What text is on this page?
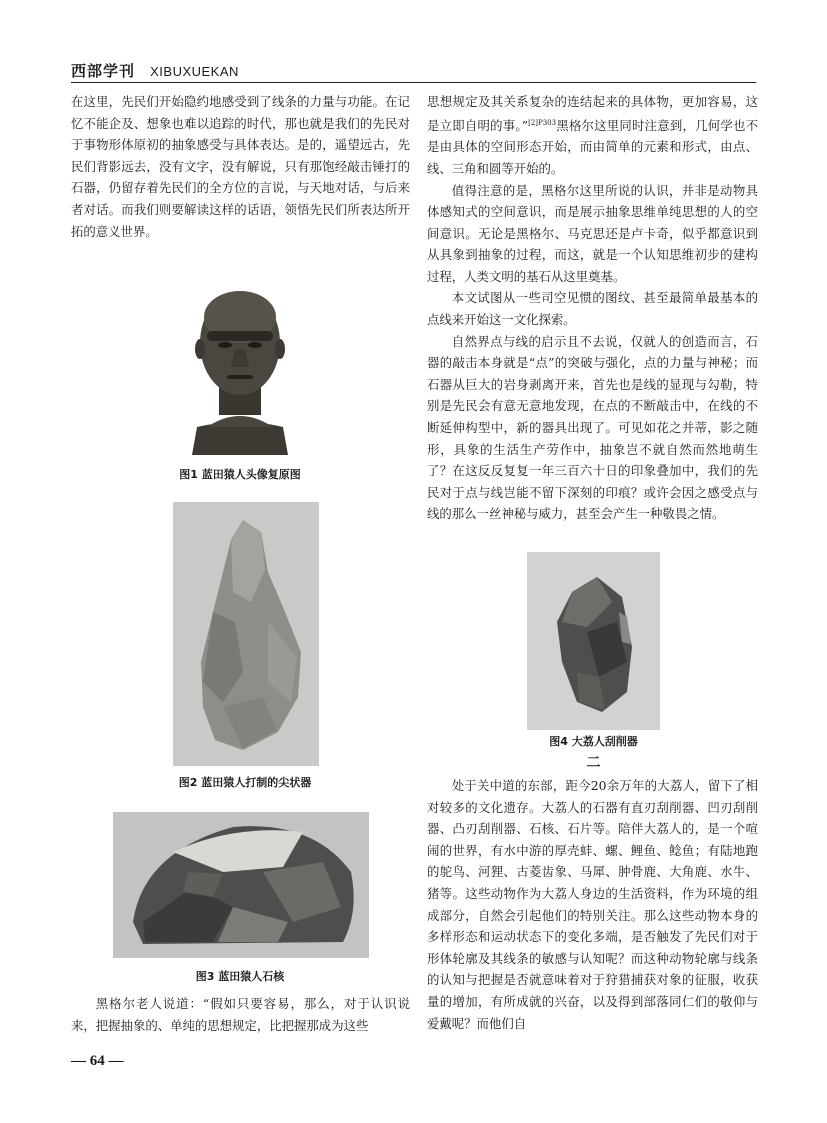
西部学刊 XIBUXUEKAN

在这里，先民们开始隐约地感受到了线条的力量与功能。在记忆不能企及、想象也难以追踪的时代，那也就是我们的先民对于事物形体原初的抽象感受与具体表达。是的，遥望远古，先民们背影远去，没有文字，没有解说，只有那饱经敲击锤打的石器，仍留存着先民们的全方位的言说，与天地对话，与后来者对话。而我们则要解读这样的话语，领悟先民们所表达所开拓的意义世界。

图1 蓝田猿人头像复原图
图2 蓝田猿人打制的尖状器
图3 蓝田猿人石核

黑格尔老人说道：“假如只要容易，那么，对于认识说来，把握抽象的、单纯的思想规定，比把握那成为这些

思想规定及其关系复杂的连结起来的具体物，更加容易，这是立即自明的事。”$^{[2]P303}$黑格尔这里同时注意到，几何学也不是由具体的空间形态开始，而由简单的元素和形式，由点、线、三角和圆等开始的。

值得注意的是，黑格尔这里所说的认识，并非是动物具体感知式的空间意识，而是展示抽象思维单纯思想的人的空间意识。无论是黑格尔、马克思还是卢卡奇，似乎都意识到从具象到抽象的过程，而这，就是一个认知思维初步的建构过程，人类文明的基石从这里奠基。

本文试图从一些司空见惯的图纹、甚至最简单最基本的点线来开始这一文化探索。

自然界点与线的启示且不去说，仅就人的创造而言，石器的敲击本身就是“点”的突破与强化，点的力量与神秘；而石器从巨大的岩身剥离开来，首先也是线的显现与勾勒，特别是先民会有意无意地发现，在点的不断敲击中，在线的不断延伸构型中，新的器具出现了。可见如花之并蒂，影之随形，具象的生活生产劳作中，抽象岂不就自然而然地萌生了？在这反反复复一年三百六十日的印象叠加中，我们的先民对于点与线岂能不留下深刻的印痕？或许会因之感受点与线的那么一丝神秘与威力，甚至会产生一种敬畏之情。

图4 大荔人刮削器
二

处于关中道的东部，距今20余万年的大荔人，留下了相对较多的文化遗存。大荔人的石器有直刃刮削器、凹刃刮削器、凸刃刮削器、石核、石片等。陪伴大荔人的，是一个喧闹的世界，有水中游的厚壳蚌、螺、鲤鱼、鲶鱼；有陆地跑的鸵鸟、河狸、古菱齿象、马犀、肿骨鹿、大角鹿、水牛、猪等。这些动物作为大荔人身边的生活资料，作为环境的组成部分，自然会引起他们的特别关注。那么这些动物本身的多样形态和运动状态下的变化多端，是否触发了先民们对于形体轮廓及其线条的敏感与认知呢？而这种动物轮廓与线条的认知与把握是否就意味着对于狩猎捕获对象的征服，收获量的增加，有所成就的兴奋，以及得到部落同仁们的敬仰与爱戴呢？而他们自

— 64 —
